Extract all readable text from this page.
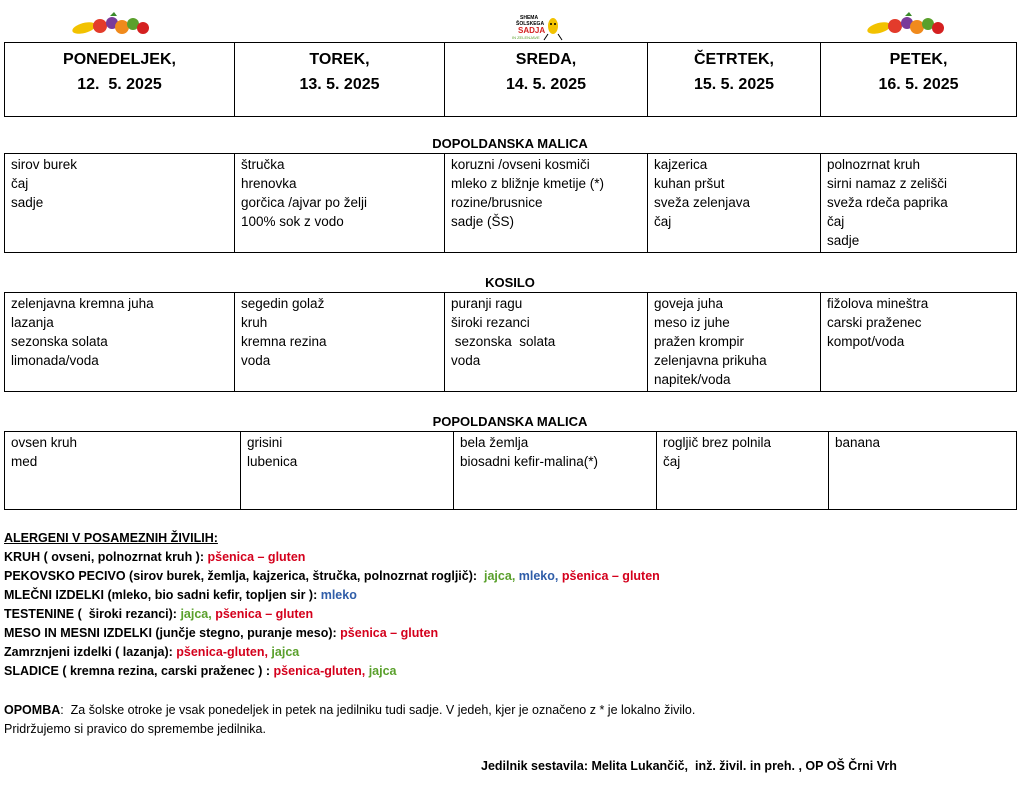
SHEMA
ŠOLSKEGA
SADJA
IN ZELENJAVE
PONEDELJEK,
12.  5. 2025

TOREK,
13. 5. 2025

SREDA,
14. 5. 2025

ČETRTEK,
15. 5. 2025

PETEK,
16. 5. 2025
DOPOLDANSKA MALICA
sirov burek
čaj
sadje

štručka
hrenovka
gorčica /ajvar po želji
100% sok z vodo

koruzni /ovseni kosmiči
mleko z bližnje kmetije (*)
rozine/brusnice
sadje (ŠS)

kajzerica
kuhan pršut
sveža zelenjava
čaj

polnozrnat kruh
sirni namaz z zelišči
sveža rdeča paprika
čaj
sadje
KOSILO
zelenjavna kremna juha
lazanja
sezonska solata
limonada/voda

segedin golaž
kruh
kremna rezina
voda

puranji ragu
široki rezanci
sezonska  solata
voda

goveja juha
meso iz juhe
pražen krompir
zelenjavna prikuha
napitek/voda

fižolova mineštra
carski praženec
kompot/voda
POPOLDANSKA MALICA
ovsen kruh
med

grisini
lubenica

bela žemlja
biosadni kefir-malina(*)

rogljič brez polnila
čaj

banana
ALERGENI V POSAMEZNIH ŽIVILIH:
KRUH ( ovseni, polnozrnat kruh ): pšenica – gluten
PEKOVSKO PECIVO (sirov burek, žemlja, kajzerica, štručka, polnozrnat rogljič):  jajca, mleko, pšenica – gluten
MLEČNI IZDELKI (mleko, bio sadni kefir, topljen sir ): mleko
TESTENINE (  široki rezanci): jajca, pšenica – gluten
MESO IN MESNI IZDELKI (junčje stegno, puranje meso): pšenica – gluten
Zamrznjeni izdelki ( lazanja): pšenica-gluten, jajca
SLADICE ( kremna rezina, carski praženec ) : pšenica-gluten, jajca
OPOMBA:  Za šolske otroke je vsak ponedeljek in petek na jedilniku tudi sadje. V jedeh, kjer je označeno z * je lokalno živilo.
Pridržujemo si pravico do spremembe jedilnika.
Jedilnik sestavila: Melita Lukančič,  inž. živil. in preh. , OP OŠ Črni Vrh
